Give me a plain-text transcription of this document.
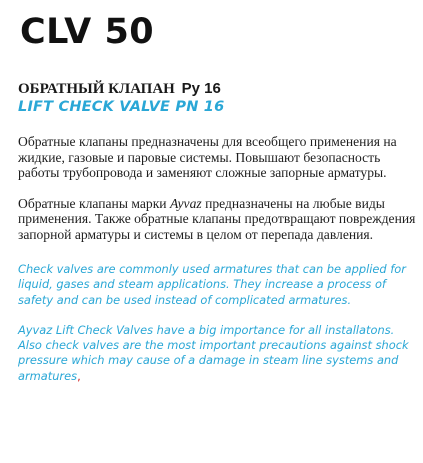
CLV 50
ОБРАТНЫЙ КЛАПАН Ру 16
LIFT CHECK VALVE PN 16

Обратные клапаны предназначены для всеобщего применения на жидкие, газовые и паровые системы. Повышают безопасность работы трубопровода и заменяют сложные запорные арматуры.

Обратные клапаны марки Ayvaz предназначены на любые виды применения. Также обратные клапаны предотвращают повреждения запорной арматуры и системы в целом от перепада давления.

Check valves are commonly used armatures that can be applied for liquid, gases and steam applications. They increase a process of safety and can be used instead of complicated armatures.

Ayvaz Lift Check Valves have a big importance for all installatons. Also check valves are the most important precautions against shock pressure which may cause of a damage in steam line systems and armatures,
